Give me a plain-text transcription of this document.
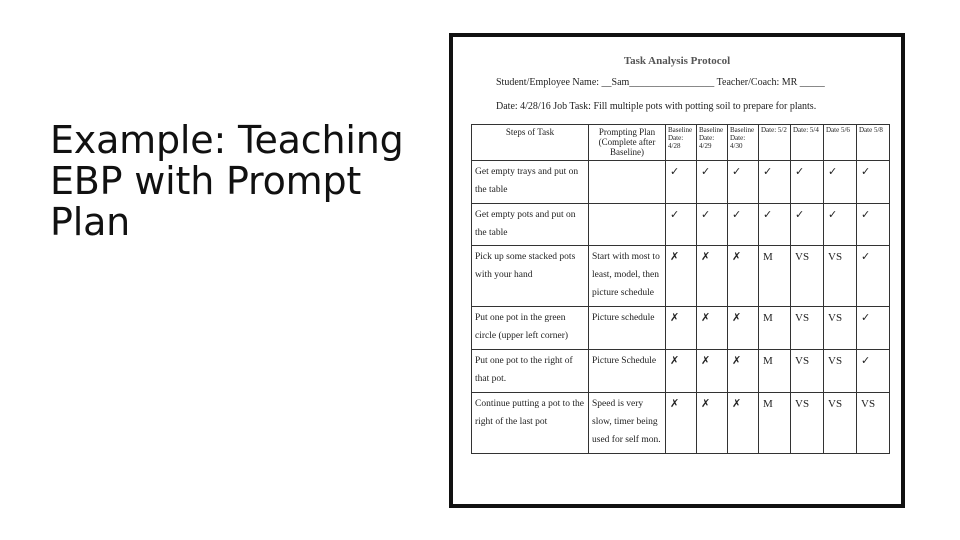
Example: Teaching
EBP with Prompt
Plan
Task Analysis Protocol
Student/Employee Name: __Sam_________________ Teacher/Coach: MR _____
Date: 4/28/16 Job Task: Fill multiple pots with potting soil to prepare for plants.
Steps of Task	Prompting Plan (Complete after Baseline)	Baseline Date: 4/28	Baseline Date: 4/29	Baseline Date: 4/30	Date: 5/2	Date: 5/4	Date 5/6	Date 5/8
Get empty trays and put on the table		✓	✓	✓	✓	✓	✓	✓
Get empty pots and put on the table		✓	✓	✓	✓	✓	✓	✓
Pick up some stacked pots with your hand	Start with most to least, model, then picture schedule	✗	✗	✗	M	VS	VS	✓
Put one pot in the green circle (upper left corner)	Picture schedule	✗	✗	✗	M	VS	VS	✓
Put one pot to the right of that pot.	Picture Schedule	✗	✗	✗	M	VS	VS	✓
Continue putting a pot to the right of the last pot	Speed is very slow, timer being used for self mon.	✗	✗	✗	M	VS	VS	VS
